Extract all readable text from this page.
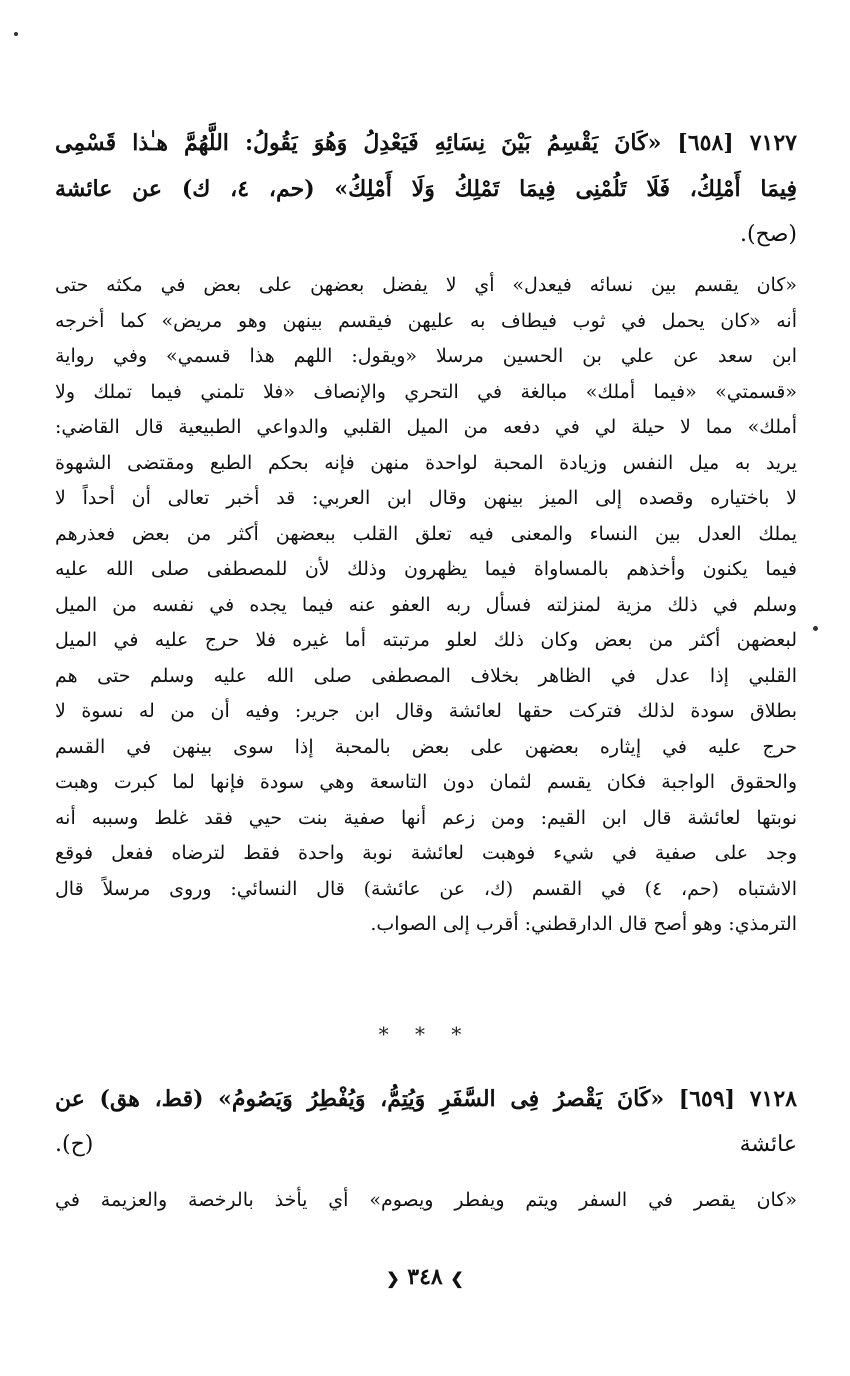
٧١٢٧ [٦٥٨] «كَانَ يَقْسِمُ بَيْنَ نِسَائِهِ فَيَعْدِلُ وَهُوَ يَقُولُ: اللَّهُمَّ هـٰذا قَسْمِى
فِيمَا أَمْلِكُ، فَلَا تَلُمْنِى فِيمَا تَمْلِكُ وَلَا أَمْلِكُ» (حم، ٤، ك) عن عائشة
(صح).
«كان يقسم بين نسائه فيعدل» أي لا يفضل بعضهن على بعض في مكثه حتى
أنه «كان يحمل في ثوب فيطاف به عليهن فيقسم بينهن وهو مريض» كما أخرجه
ابن سعد عن علي بن الحسين مرسلا «ويقول: اللهم هذا قسمي» وفي رواية
«قسمتي» «فيما أملك» مبالغة في التحري والإنصاف «فلا تلمني فيما تملك ولا
أملك» مما لا حيلة لي في دفعه من الميل القلبي والدواعي الطبيعية قال القاضي:
يريد به ميل النفس وزيادة المحبة لواحدة منهن فإنه بحكم الطبع ومقتضى الشهوة
لا باختياره وقصده إلى الميز بينهن وقال ابن العربي: قد أخبر تعالى أن أحداً لا
يملك العدل بين النساء والمعنى فيه تعلق القلب ببعضهن أكثر من بعض فعذرهم
فيما يكنون وأخذهم بالمساواة فيما يظهرون وذلك لأن للمصطفى صلى الله عليه
وسلم في ذلك مزية لمنزلته فسأل ربه العفو عنه فيما يجده في نفسه من الميل
لبعضهن أكثر من بعض وكان ذلك لعلو مرتبته أما غيره فلا حرج عليه في الميل
القلبي إذا عدل في الظاهر بخلاف المصطفى صلى الله عليه وسلم حتى هم
بطلاق سودة لذلك فتركت حقها لعائشة وقال ابن جرير: وفيه أن من له نسوة لا
حرج عليه في إيثاره بعضهن على بعض بالمحبة إذا سوى بينهن في القسم
والحقوق الواجبة فكان يقسم لثمان دون التاسعة وهي سودة فإنها لما كبرت وهبت
نوبتها لعائشة قال ابن القيم: ومن زعم أنها صفية بنت حيي فقد غلط وسببه أنه
وجد على صفية في شيء فوهبت لعائشة نوبة واحدة فقط لترضاه ففعل فوقع
الاشتباه (حم، ٤) في القسم (ك، عن عائشة) قال النسائي: وروى مرسلاً قال
الترمذي: وهو أصح قال الدارقطني: أقرب إلى الصواب.
* * *
٧١٢٨ [٦٥٩] «كَانَ يَقْصرُ فِى السَّفَرِ وَيُتِمُّ، وَيُفْطِرُ وَيَصُومُ» (قط، هق) عن
عائشة (ح).
«كان يقصر في السفر ويتم ويفطر ويصوم» أي يأخذ بالرخصة والعزيمة في
❯ ٣٤٨ ❮
